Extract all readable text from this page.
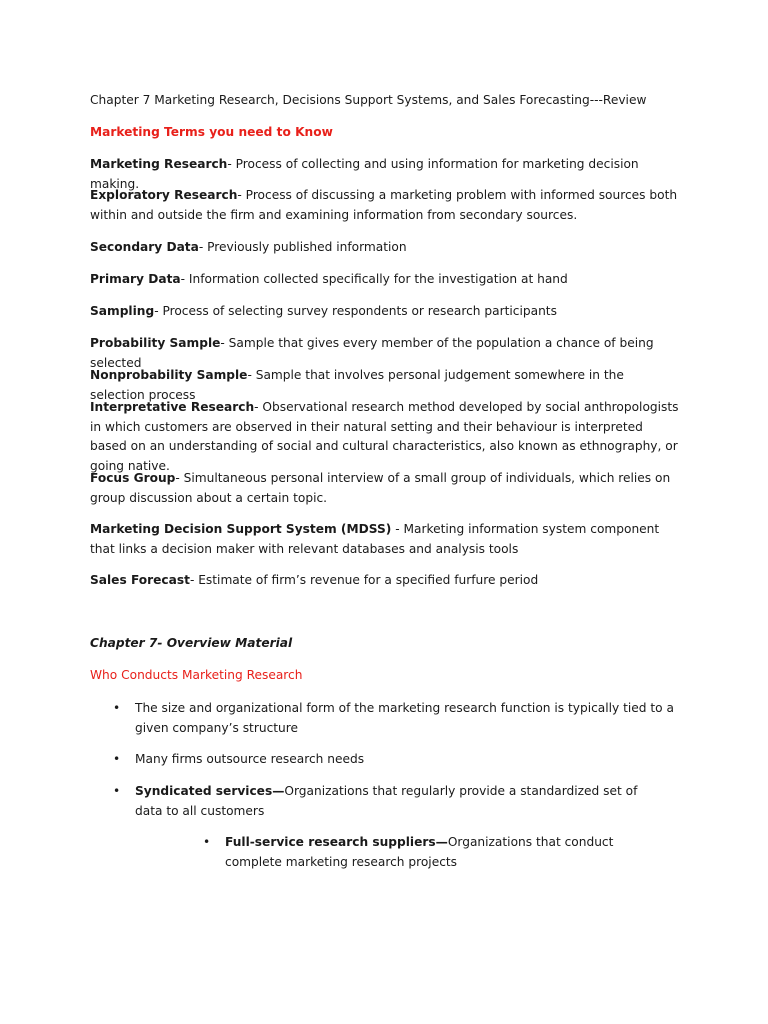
Chapter 7 Marketing Research, Decisions Support Systems, and Sales Forecasting---Review

Marketing Terms you need to Know

Marketing Research- Process of collecting and using information for marketing decision making.

Exploratory Research- Process of discussing a marketing problem with informed sources both within and outside the firm and examining information from secondary sources.

Secondary Data- Previously published information

Primary Data- Information collected specifically for the investigation at hand

Sampling- Process of selecting survey respondents or research participants

Probability Sample- Sample that gives every member of the population a chance of being selected

Nonprobability Sample- Sample that involves personal judgement somewhere in the selection process

Interpretative Research- Observational research method developed by social anthropologists in which customers are observed in their natural setting and their behaviour is interpreted based on an understanding of social and cultural characteristics, also known as ethnography, or going native.

Focus Group- Simultaneous personal interview of a small group of individuals, which relies on group discussion about a certain topic.

Marketing Decision Support System (MDSS) - Marketing information system component that links a decision maker with relevant databases and analysis tools

Sales Forecast- Estimate of firm’s revenue for a specified furfure period

Chapter 7- Overview Material

Who Conducts Marketing Research

• The size and organizational form of the marketing research function is typically tied to a given company’s structure
• Many firms outsource research needs
• Syndicated services—Organizations that regularly provide a standardized set of data to all customers
• Full-service research suppliers—Organizations that conduct complete marketing research projects
